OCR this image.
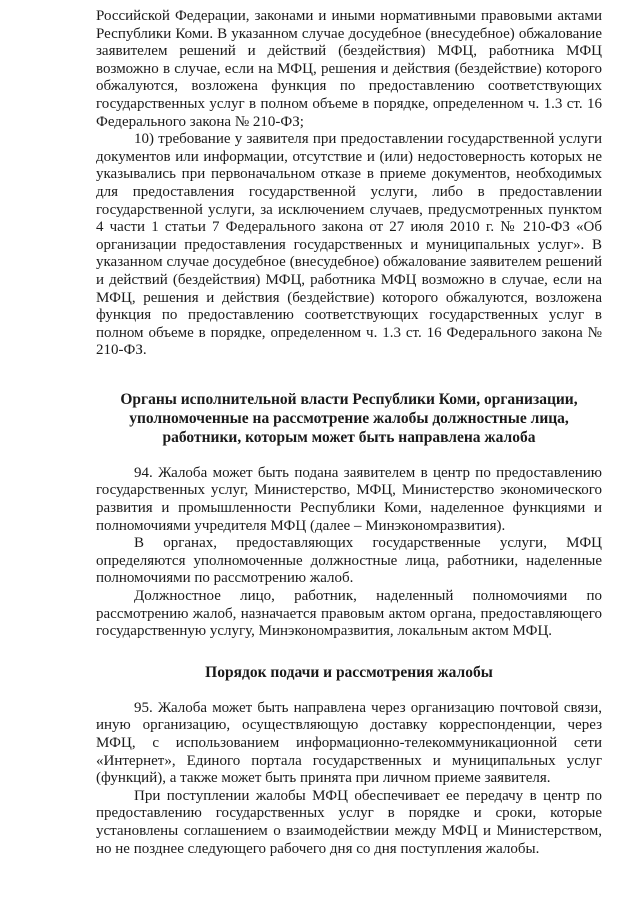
Российской Федерации, законами и иными нормативными правовыми актами Республики Коми. В указанном случае досудебное (внесудебное) обжалование заявителем решений и действий (бездействия) МФЦ, работника МФЦ возможно в случае, если на МФЦ, решения и действия (бездействие) которого обжалуются, возложена функция по предоставлению соответствующих государственных услуг в полном объеме в порядке, определенном ч. 1.3 ст. 16 Федерального закона № 210-ФЗ;

10) требование у заявителя при предоставлении государственной услуги документов или информации, отсутствие и (или) недостоверность которых не указывались при первоначальном отказе в приеме документов, необходимых для предоставления государственной услуги, либо в предоставлении государственной услуги, за исключением случаев, предусмотренных пунктом 4 части 1 статьи 7 Федерального закона от 27 июля 2010 г. № 210-ФЗ «Об организации предоставления государственных и муниципальных услуг». В указанном случае досудебное (внесудебное) обжалование заявителем решений и действий (бездействия) МФЦ, работника МФЦ возможно в случае, если на МФЦ, решения и действия (бездействие) которого обжалуются, возложена функция по предоставлению соответствующих государственных услуг в полном объеме в порядке, определенном ч. 1.3 ст. 16 Федерального закона № 210-ФЗ.

Органы исполнительной власти Республики Коми, организации, уполномоченные на рассмотрение жалобы должностные лица, работники, которым может быть направлена жалоба

94. Жалоба может быть подана заявителем в центр по предоставлению государственных услуг, Министерство, МФЦ, Министерство экономического развития и промышленности Республики Коми, наделенное функциями и полномочиями учредителя МФЦ (далее – Минэкономразвития).

В органах, предоставляющих государственные услуги, МФЦ определяются уполномоченные должностные лица, работники, наделенные полномочиями по рассмотрению жалоб.

Должностное лицо, работник, наделенный полномочиями по рассмотрению жалоб, назначается правовым актом органа, предоставляющего государственную услугу, Минэкономразвития, локальным актом МФЦ.

Порядок подачи и рассмотрения жалобы

95. Жалоба может быть направлена через организацию почтовой связи, иную организацию, осуществляющую доставку корреспонденции, через МФЦ, с использованием информационно-телекоммуникационной сети «Интернет», Единого портала государственных и муниципальных услуг (функций), а также может быть принята при личном приеме заявителя.

При поступлении жалобы МФЦ обеспечивает ее передачу в центр по предоставлению государственных услуг в порядке и сроки, которые установлены соглашением о взаимодействии между МФЦ и Министерством, но не позднее следующего рабочего дня со дня поступления жалобы.
